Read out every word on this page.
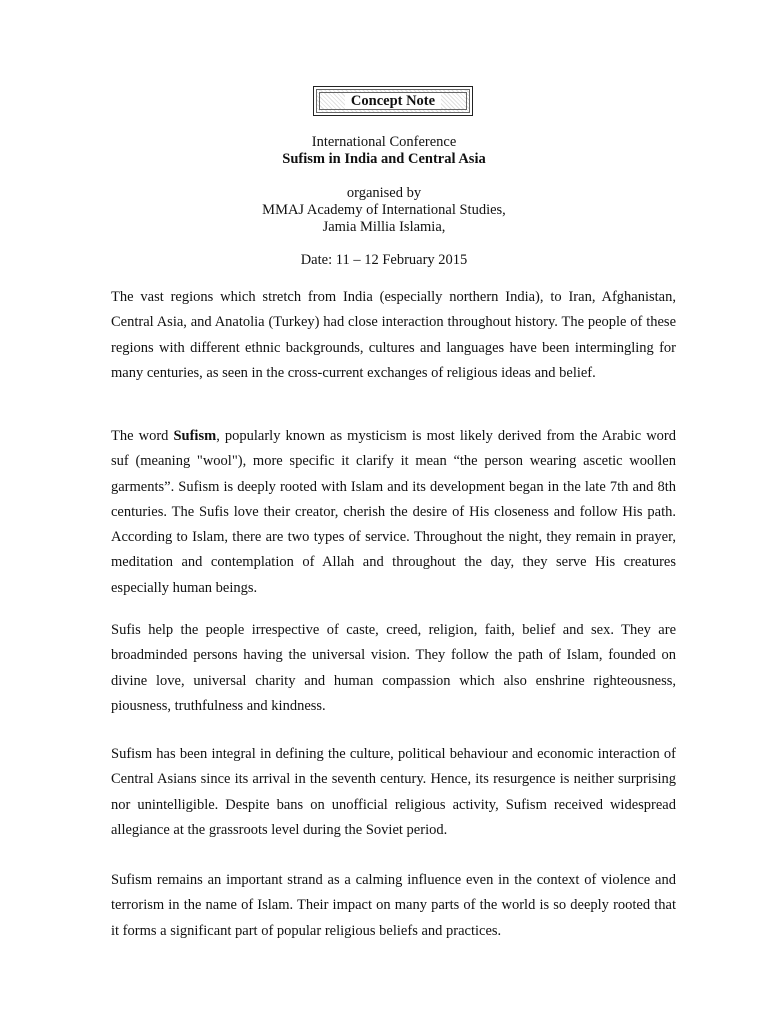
Concept Note

International Conference

Sufism in India and Central Asia

organised by

MMAJ Academy of International Studies,

Jamia Millia Islamia,

Date: 11 – 12 February 2015

The vast regions which stretch from India (especially northern India), to Iran, Afghanistan, Central Asia, and Anatolia (Turkey) had close interaction throughout history. The people of these regions with different ethnic backgrounds, cultures and languages have been intermingling for many centuries, as seen in the cross-current exchanges of religious ideas and belief.

The word Sufism, popularly known as mysticism is most likely derived from the Arabic word suf (meaning "wool"), more specific it clarify it mean “the person wearing ascetic woollen garments”. Sufism is deeply rooted with Islam and its development began in the late 7th and 8th centuries. The Sufis love their creator, cherish the desire of His closeness and follow His path. According to Islam, there are two types of service. Throughout the night, they remain in prayer, meditation and contemplation of Allah and throughout the day, they serve His creatures especially human beings.

Sufis help the people irrespective of caste, creed, religion, faith, belief and sex. They are broadminded persons having the universal vision. They follow the path of Islam, founded on divine love, universal charity and human compassion which also enshrine righteousness, piousness, truthfulness and kindness.

Sufism has been integral in defining the culture, political behaviour and economic interaction of Central Asians since its arrival in the seventh century. Hence, its resurgence is neither surprising nor unintelligible. Despite bans on unofficial religious activity, Sufism received widespread allegiance at the grassroots level during the Soviet period.

Sufism remains an important strand as a calming influence even in the context of violence and terrorism in the name of Islam. Their impact on many parts of the world is so deeply rooted that it forms a significant part of popular religious beliefs and practices.
